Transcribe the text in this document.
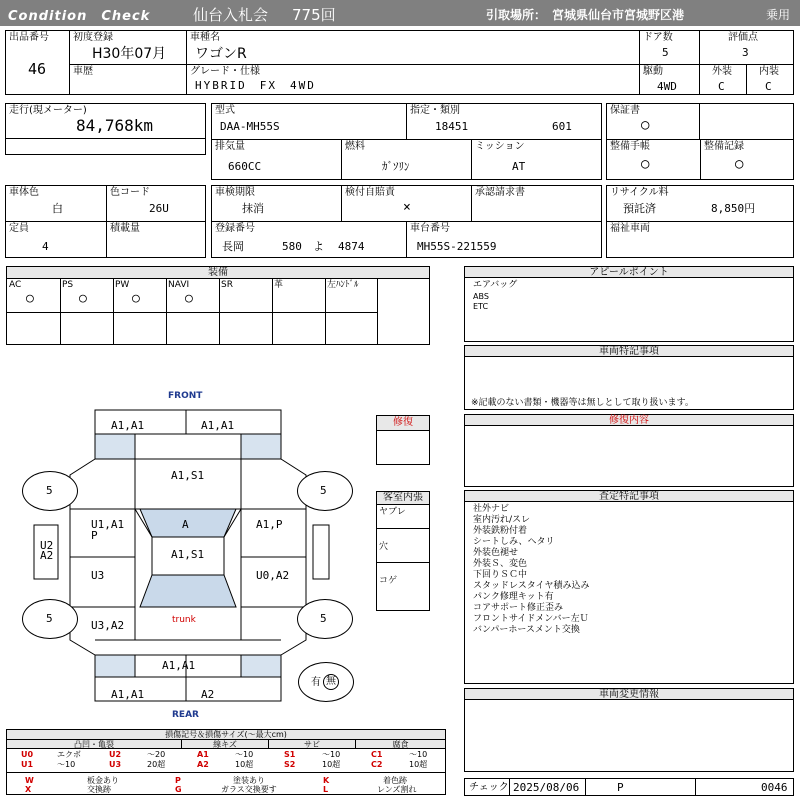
Condition　Check	仙台入札会 775回	引取場所： 宮城県仙台市宮城野区港	乗用
出品番号
46
初度登録
H30年07月
車歴
車種名
ワゴンR
グレード・仕様
HYBRID　FX　4WD
ドア数
5
評価点
3
駆動
4WD
外装
C
内装
C
走行(現メーター)
84,768km
型式
DAA-MH55S
指定・類別
18451	601
保証書
○
排気量
660CC
燃料
ｶﾞｿﾘﾝ
ミッション
AT
整備手帳
○
整備記録
○
車体色
白
色コード
26U
定員
4
積載量
車検期限
抹消
検付自賠責
×
承認請求書
登録番号
長岡	580 よ 4874
車台番号
MH55S-221559
リサイクル料
預託済	8,850円
福祉車両
装備
AC	PS	PW	NAVI	SR	革	左ﾊﾝﾄﾞﾙ
○	○	○	○
アピールポイント
エアバッグ
ABS
ETC
車両特記事項
※記載のない書類・機器等は無しとして取り扱います。
修復内容
査定特記事項
社外ナビ
室内汚れ/スレ
外装鉄粉付着
シートしみ、ヘタリ
外装色褪せ
外装Ｓ、変色
下回りＳＣ中
スタッドレスタイヤ積み込み
パンク修理キット有
コアサポート修正歪み
フロントサイドメンバー左Ｕ
バンパーホースメント交換
車両変更情報
チェック 2025/08/06	P	0046
FRONT
REAR
5	5
5	5
有 無
A1,A1	A1,A1
A1,S1
A
A1,S1
U1,A1
P
A1,P
U3	U0,A2
U3,A2	trunk
A1,A1
A1,A1	A2
U2
A2
修復
客室内張
ヤブレ
穴
コゲ
損傷記号＆損傷サイズ(〜最大cm)
凸凹・亀裂	線キズ	サビ	腐食
U0	エクボ	U2	〜20	A1	〜10	S1	〜10	C1	〜10
U1	〜10	U3	20超	A2	10超	S2	10超	C2	10超
W	板金あり	P	塗装あり	K	着色跡
X	交換跡	G	ガラス交換要す	L	レンズ割れ
